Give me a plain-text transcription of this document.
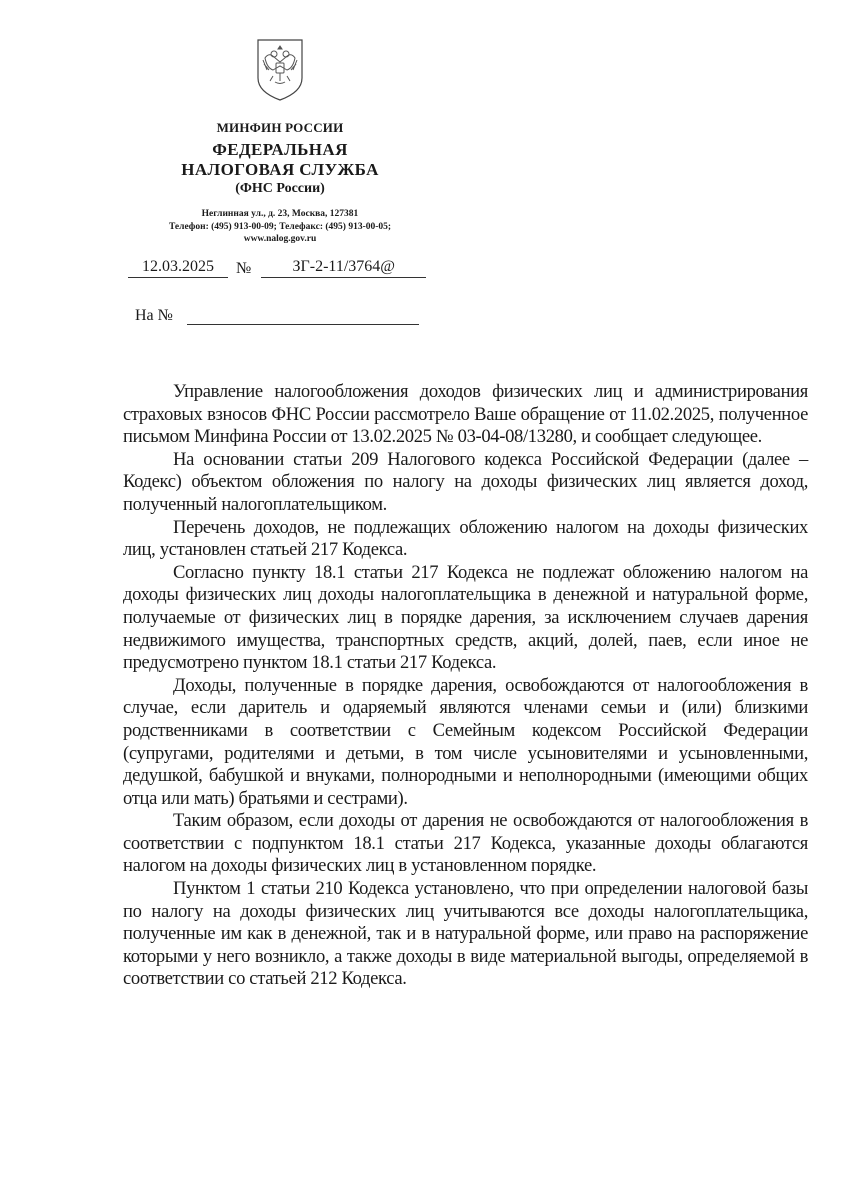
МИНФИН РОССИИ
ФЕДЕРАЛЬНАЯ
НАЛОГОВАЯ СЛУЖБА
(ФНС России)
Неглинная ул., д. 23, Москва, 127381
Телефон: (495) 913-00-09; Телефакс: (495) 913-00-05;
www.nalog.gov.ru
12.03.2025	№	ЗГ-2-11/3764@
На №

Управление налогообложения доходов физических лиц и администрирования страховых взносов ФНС России рассмотрело Ваше обращение от 11.02.2025, полученное письмом Минфина России от 13.02.2025 № 03-04-08/13280, и сообщает следующее.

На основании статьи 209 Налогового кодекса Российской Федерации (далее – Кодекс) объектом обложения по налогу на доходы физических лиц является доход, полученный налогоплательщиком.

Перечень доходов, не подлежащих обложению налогом на доходы физических лиц, установлен статьей 217 Кодекса.

Согласно пункту 18.1 статьи 217 Кодекса не подлежат обложению налогом на доходы физических лиц доходы налогоплательщика в денежной и натуральной форме, получаемые от физических лиц в порядке дарения, за исключением случаев дарения недвижимого имущества, транспортных средств, акций, долей, паев, если иное не предусмотрено пунктом 18.1 статьи 217 Кодекса.

Доходы, полученные в порядке дарения, освобождаются от налогообложения в случае, если даритель и одаряемый являются членами семьи и (или) близкими родственниками в соответствии с Семейным кодексом Российской Федерации (супругами, родителями и детьми, в том числе усыновителями и усыновленными, дедушкой, бабушкой и внуками, полнородными и неполнородными (имеющими общих отца или мать) братьями и сестрами).

Таким образом, если доходы от дарения не освобождаются от налогообложения в соответствии с подпунктом 18.1 статьи 217 Кодекса, указанные доходы облагаются налогом на доходы физических лиц в установленном порядке.

Пунктом 1 статьи 210 Кодекса установлено, что при определении налоговой базы по налогу на доходы физических лиц учитываются все доходы налогоплательщика, полученные им как в денежной, так и в натуральной форме, или право на распоряжение которыми у него возникло, а также доходы в виде материальной выгоды, определяемой в соответствии со статьей 212 Кодекса.
